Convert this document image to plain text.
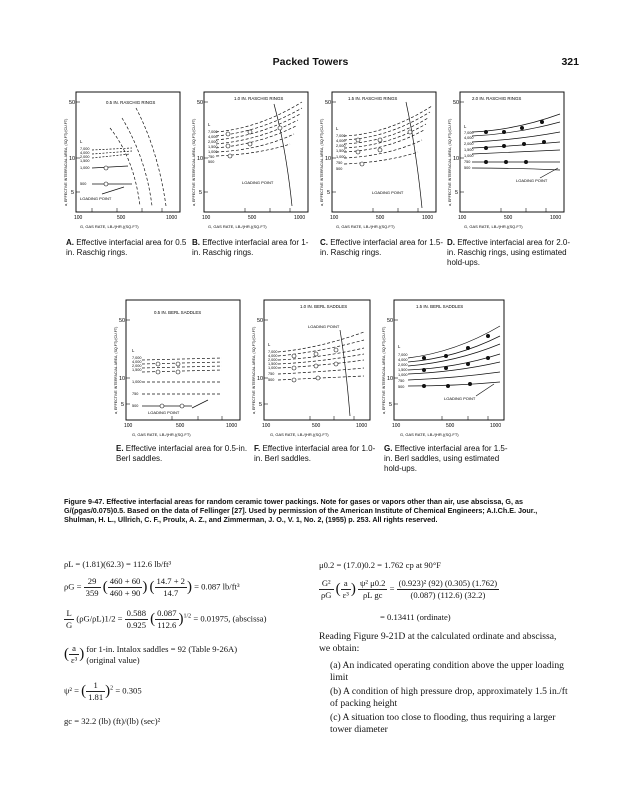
Packed Towers	321
50
10
5
100	500	1000
G, GAS RATE, LB./(HR.)(SQ.FT)
a, EFFECTIVE INTERFACIAL AREA, (SQ.FT)/(CU.FT)
0.5 IN. RASCHIG RINGS
L
7,000
4,000
2,000
1,500
1,000
500
LOADING POINT
50
10
5
100	500	1000
G, GAS RATE, LB./(HR.)(SQ.FT)
a, EFFECTIVE INTERFACIAL AREA, (SQ.FT)/(CU.FT)
1.0 IN. RASCHIG RINGS
L
7,000
4,000
2,000
1,500
1,000
750
500
LOADING POINT
50
10
5
100	500	1000
G, GAS RATE, LB./(HR.)(SQ.FT)
a, EFFECTIVE INTERFACIAL AREA, (SQ.FT)/(CU.FT)
1.5 IN. RASCHIG RINGS
L
7,000
4,000
2,000
1,500
1,000
750
500
LOADING POINT
50
10
5
100	500	1000
G, GAS RATE, LB./(HR.)(SQ.FT)
a, EFFECTIVE INTERFACIAL AREA, (SQ.FT)/(CU.FT)
2.0 IN. RASCHIG RINGS
L
7,000
4,000
2,000
1,500
1,000
750
500
LOADING POINT
A. Effective interfacial area for 0.5 in. Raschig rings.
B. Effective interfacial area for 1-in. Raschig rings.
C. Effective interfacial area for 1.5-in. Raschig rings.
D. Effective interfacial area for 2.0-in. Raschig rings, using estimated hold-ups.
50
10
5
100	500	1000
G, GAS RATE, LB./(HR.)(SQ.FT)
a, EFFECTIVE INTERFACIAL AREA, (SQ.FT)/(CU.FT)
0.5 IN. BERL SADDLES
L
7,000
4,000
2,000
1,500
1,000
750
500
LOADING POINT
50
10
5
100	500	1000
G, GAS RATE, LB./(HR.)(SQ.FT)
a, EFFECTIVE INTERFACIAL AREA, (SQ.FT)/(CU.FT)
1.0 IN. BERL SADDLES
L
7,000
4,000
2,000
1,500
1,000
750
500
LOADING POINT
50
10
5
100	500	1000
G, GAS RATE, LB./(HR.)(SQ.FT)
a, EFFECTIVE INTERFACIAL AREA, (SQ.FT)/(CU.FT)
1.5 IN. BERL SADDLES
L
7,000
4,000
2,000
1,500
1,000
750
500
LOADING POINT
E. Effective interfacial area for 0.5-in. Berl saddles.
F. Effective interfacial area for 1.0-in. Berl saddles.
G. Effective interfacial area for 1.5-in. Berl saddles, using estimated hold-ups.
Figure 9-47. Effective interfacial areas for random ceramic tower packings. Note for gases or vapors other than air, use abscissa, G, as G/(ρgas/0.075)0.5. Based on the data of Fellinger [27]. Used by permission of the American Institute of Chemical Engineers; A.I.Ch.E. Jour., Shulman, H. L., Ullrich, C. F., Proulx, A. Z., and Zimmerman, J. O., V. 1, No. 2, (1955) p. 253. All rights reserved.
ρL = (1.81)(62.3) = 112.6 lb/ft³
$\rho G = \frac{29}{359}$ ( $\frac{460 + 60}{460 + 90}$ ) ( $\frac{14.7 + 2}{14.7}$ ) = 0.087 lb/ft³
$\frac{L}{G} (\rho G/\rho L)1/2 = \frac{0.588}{0.925}$ ( $\frac{0.087}{112.6} )^{1/2} = 0.01975$, (abscissa)
( $\frac{a}{\text{ε³}}$ ) for 1-in. Intalox saddles = 92 (Table 9-26A)
(original value)
ψ² = ( $\frac{1}{1.81} )^2 = 0.305$
gc = 32.2 (lb) (ft)/(lb) (sec)²
μ0.2 = (17.0)0.2 = 1.762 cp at 90°F
$\frac{\text{G²}}{\rho G}$ ( $\frac{a}{\text{ε³}}$ ) $\frac{\text{ψ² μ0.2}}{\text{ρL gc}} = \frac{\text{(0.923)² (92) (0.305) (1.762)}}{(0.087) (112.6) (32.2)}$
= 0.13411 (ordinate)
Reading Figure 9-21D at the calculated ordinate and abscissa, we obtain:
(a) An indicated operating condition above the upper loading limit
(b) A condition of high pressure drop, approximately 1.5 in./ft of packing height
(c) A situation too close to flooding, thus requiring a larger tower diameter
